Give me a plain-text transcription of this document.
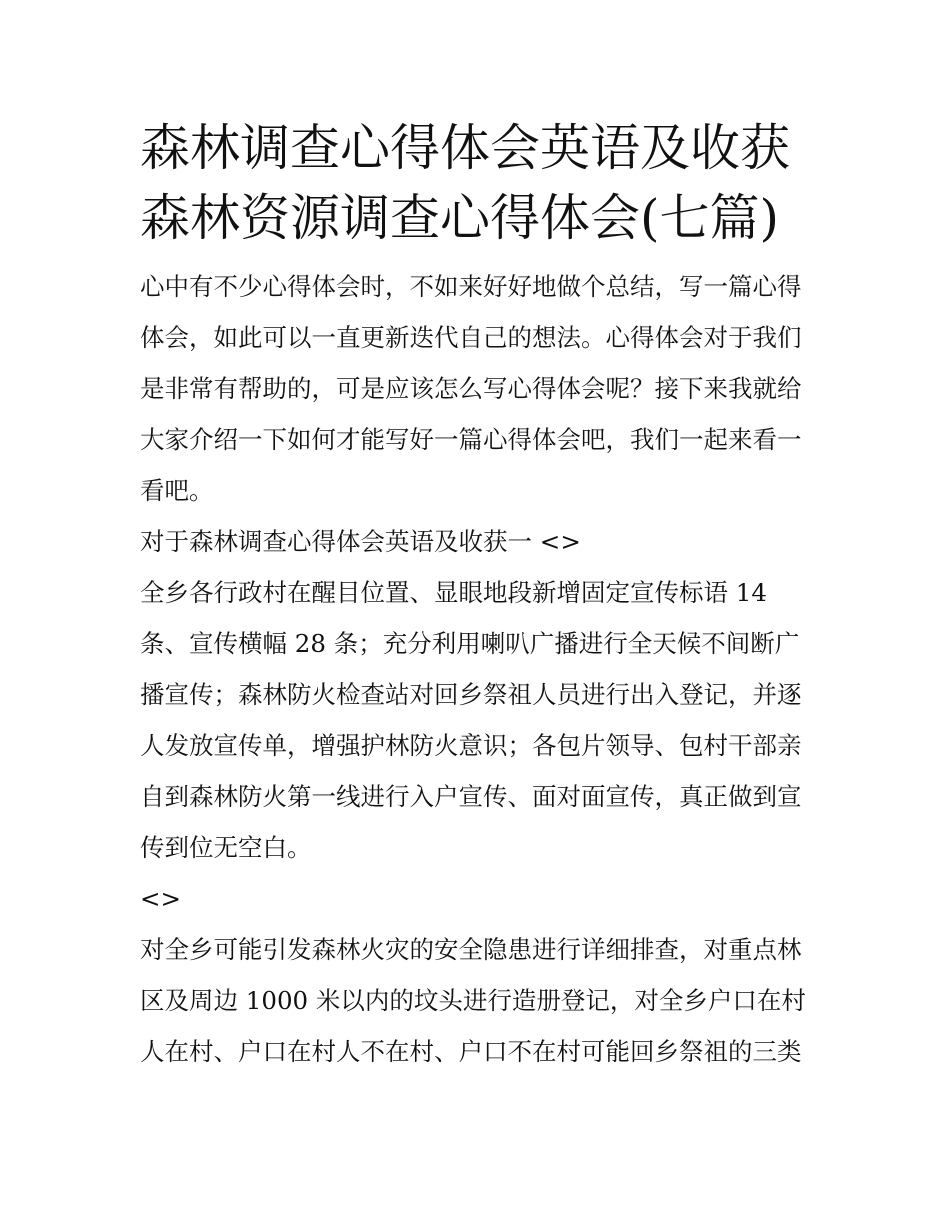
森林调查心得体会英语及收获
森林资源调查心得体会(七篇)

心中有不少心得体会时，不如来好好地做个总结，写一篇心得
体会，如此可以一直更新迭代自己的想法。心得体会对于我们
是非常有帮助的，可是应该怎么写心得体会呢？接下来我就给
大家介绍一下如何才能写好一篇心得体会吧，我们一起来看一
看吧。

对于森林调查心得体会英语及收获一 <>

全乡各行政村在醒目位置、显眼地段新增固定宣传标语 14
条、宣传横幅 28 条；充分利用喇叭广播进行全天候不间断广
播宣传；森林防火检查站对回乡祭祖人员进行出入登记，并逐
人发放宣传单，增强护林防火意识；各包片领导、包村干部亲
自到森林防火第一线进行入户宣传、面对面宣传，真正做到宣
传到位无空白。

<>

对全乡可能引发森林火灾的安全隐患进行详细排查，对重点林
区及周边 1000 米以内的坟头进行造册登记，对全乡户口在村
人在村、户口在村人不在村、户口不在村可能回乡祭祖的三类
